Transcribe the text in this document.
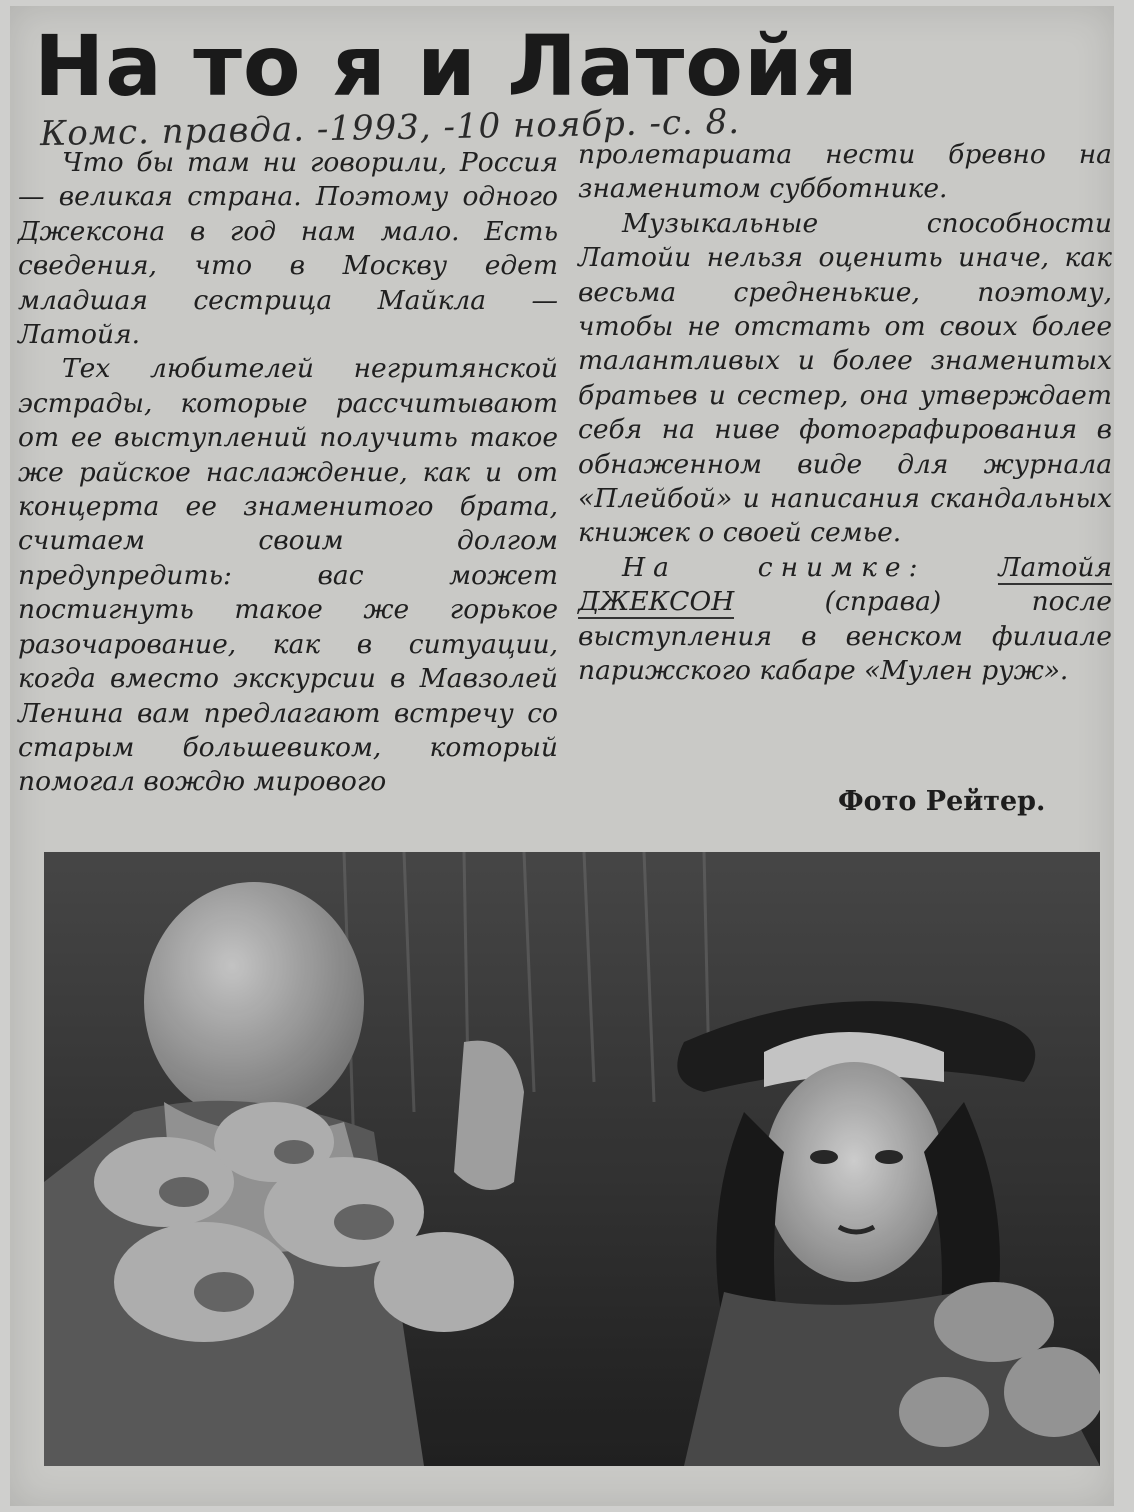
На то я и Латойя
Комс. правда. -1993, -10 ноябр. -с. 8.

Что бы там ни говорили, Россия — великая страна. Поэтому одного Джексона в год нам мало. Есть сведения, что в Москву едет младшая сестрица Майкла — Латойя.

Тех любителей негритянской эстрады, которые рассчитывают от ее выступлений получить такое же райское наслаждение, как и от концерта ее знаменитого брата, считаем своим долгом предупредить: вас может постигнуть такое же горькое разочарование, как в ситуации, когда вместо экскурсии в Мавзолей Ленина вам предлагают встречу со старым большевиком, который помогал вождю мирового

пролетариата нести бревно на знаменитом субботнике.

Музыкальные способности Латойи нельзя оценить иначе, как весьма средненькие, поэтому, чтобы не отстать от своих более талантливых и более знаменитых братьев и сестер, она утверждает себя на ниве фотографирования в обнаженном виде для журнала «Плейбой» и написания скандальных книжек о своей семье.

На снимке:	Латойя ДЖЕКСОН	(справа) после выступления в венском филиале парижского кабаре «Мулен руж».

Фото Рейтер.
